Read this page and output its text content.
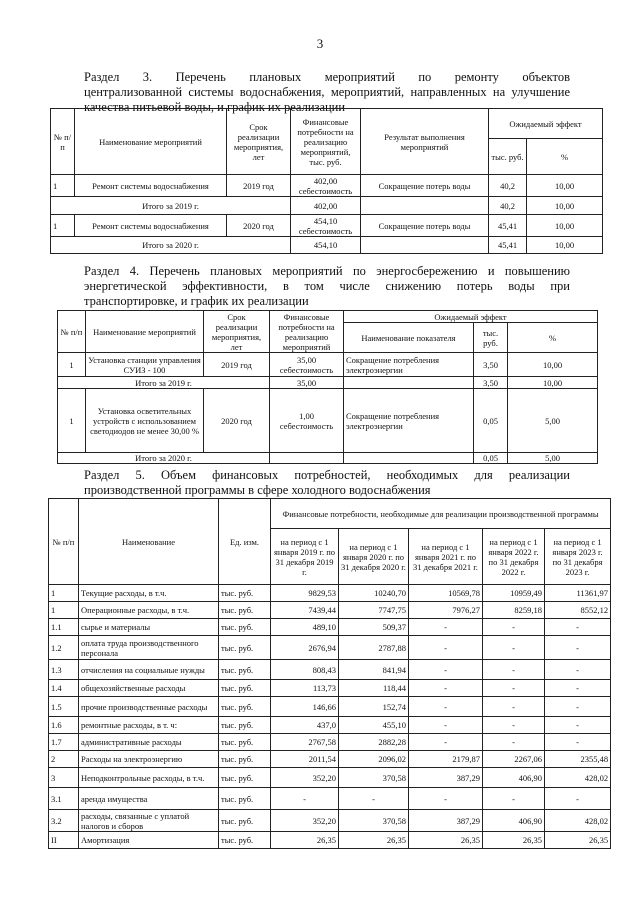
3
Раздел 3. Перечень плановых мероприятий по ремонту объектов
централизованной системы водоснабжения, мероприятий, направленных на улучшение
качества питьевой воды, и график их реализации
№ п/ п	Наименование мероприятий	Срок реализации мероприятия, лет	Финансовые потребности на реализацию мероприятий, тыс. руб.	Результат выполнения мероприятий	Ожидаемый эффект	
					тыс. руб.	%
1	Ремонт системы водоснабжения	2019 год	402,00 себестоимость	Сокращение потерь воды	40,2	10,00
Итого за 2019 г.			402,00		40,2	10,00
1	Ремонт системы водоснабжения	2020 год	454,10 себестоимость	Сокращение потерь воды	45,41	10,00
Итого за 2020 г.			454,10		45,41	10,00
Раздел 4. Перечень плановых мероприятий по энергосбережению и повышению
энергетической эффективности, в том числе снижению потерь воды при
транспортировке, и график их реализации
№ п/п	Наименование мероприятий	Срок реализации мероприятия, лет	Финансовые потребности на реализацию мероприятий	Ожидаемый эффект		
				Наименование показателя	тыс. руб.	%
1	Установка станции управления СУИЗ - 100	2019 год	35,00 себестоимость	Сокращение потребления электроэнергии	3,50	10,00
Итого за 2019 г.			35,00		3,50	10,00
1	Установка осветительных устройств с использованием светодиодов не менее 30,00 %	2020 год	1,00 себестоимость	Сокращение потребления электроэнергии	0,05	5,00
Итого за 2020 г.					0,05	5,00
Раздел 5. Объем финансовых потребностей, необходимых для реализации
производственной программы в сфере холодного водоснабжения
№ п/п	Наименование	Ед. изм.	Финансовые потребности, необходимые для реализации производственной программы				
			на период с 1 января 2019 г. по 31 декабря 2019 г.	на период с 1 января 2020 г. по 31 декабря 2020 г.	на период с 1 января 2021 г. по 31 декабря 2021 г.	на период с 1 января 2022 г. по 31 декабря 2022 г.	на период с 1 января 2023 г. по 31 декабря 2023 г.
1	Текущие расходы, в т.ч.	тыс. руб.	9829,53	10240,70	10569,78	10959,49	11361,97
1	Операционные расходы, в т.ч.	тыс. руб.	7439,44	7747,75	7976,27	8259,18	8552,12
1.1	сырье и материалы	тыс. руб.	489,10	509,37	-	-	-
1.2	оплата труда производственного персонала	тыс. руб.	2676,94	2787,88	-	-	-
1.3	отчисления на социальные нужды	тыс. руб.	808,43	841,94	-	-	-
1.4	общехозяйственные расходы	тыс. руб.	113,73	118,44	-	-	-
1.5	прочие производственные расходы	тыс. руб.	146,66	152,74	-	-	-
1.6	ремонтные расходы, в т. ч:	тыс. руб.	437,0	455,10	-	-	-
1.7	административные расходы	тыс. руб.	2767,58	2882,28	-	-	-
2	Расходы на электроэнергию	тыс. руб.	2011,54	2096,02	2179,87	2267,06	2355,48
3	Неподконтрольные расходы, в т.ч.	тыс. руб.	352,20	370,58	387,29	406,90	428,02
3.1	аренда имущества	тыс. руб.	-	-	-	-	-
3.2	расходы, связанные с уплатой налогов и сборов	тыс. руб.	352,20	370,58	387,29	406,90	428,02
II	Амортизация	тыс. руб.	26,35	26,35	26,35	26,35	26,35
